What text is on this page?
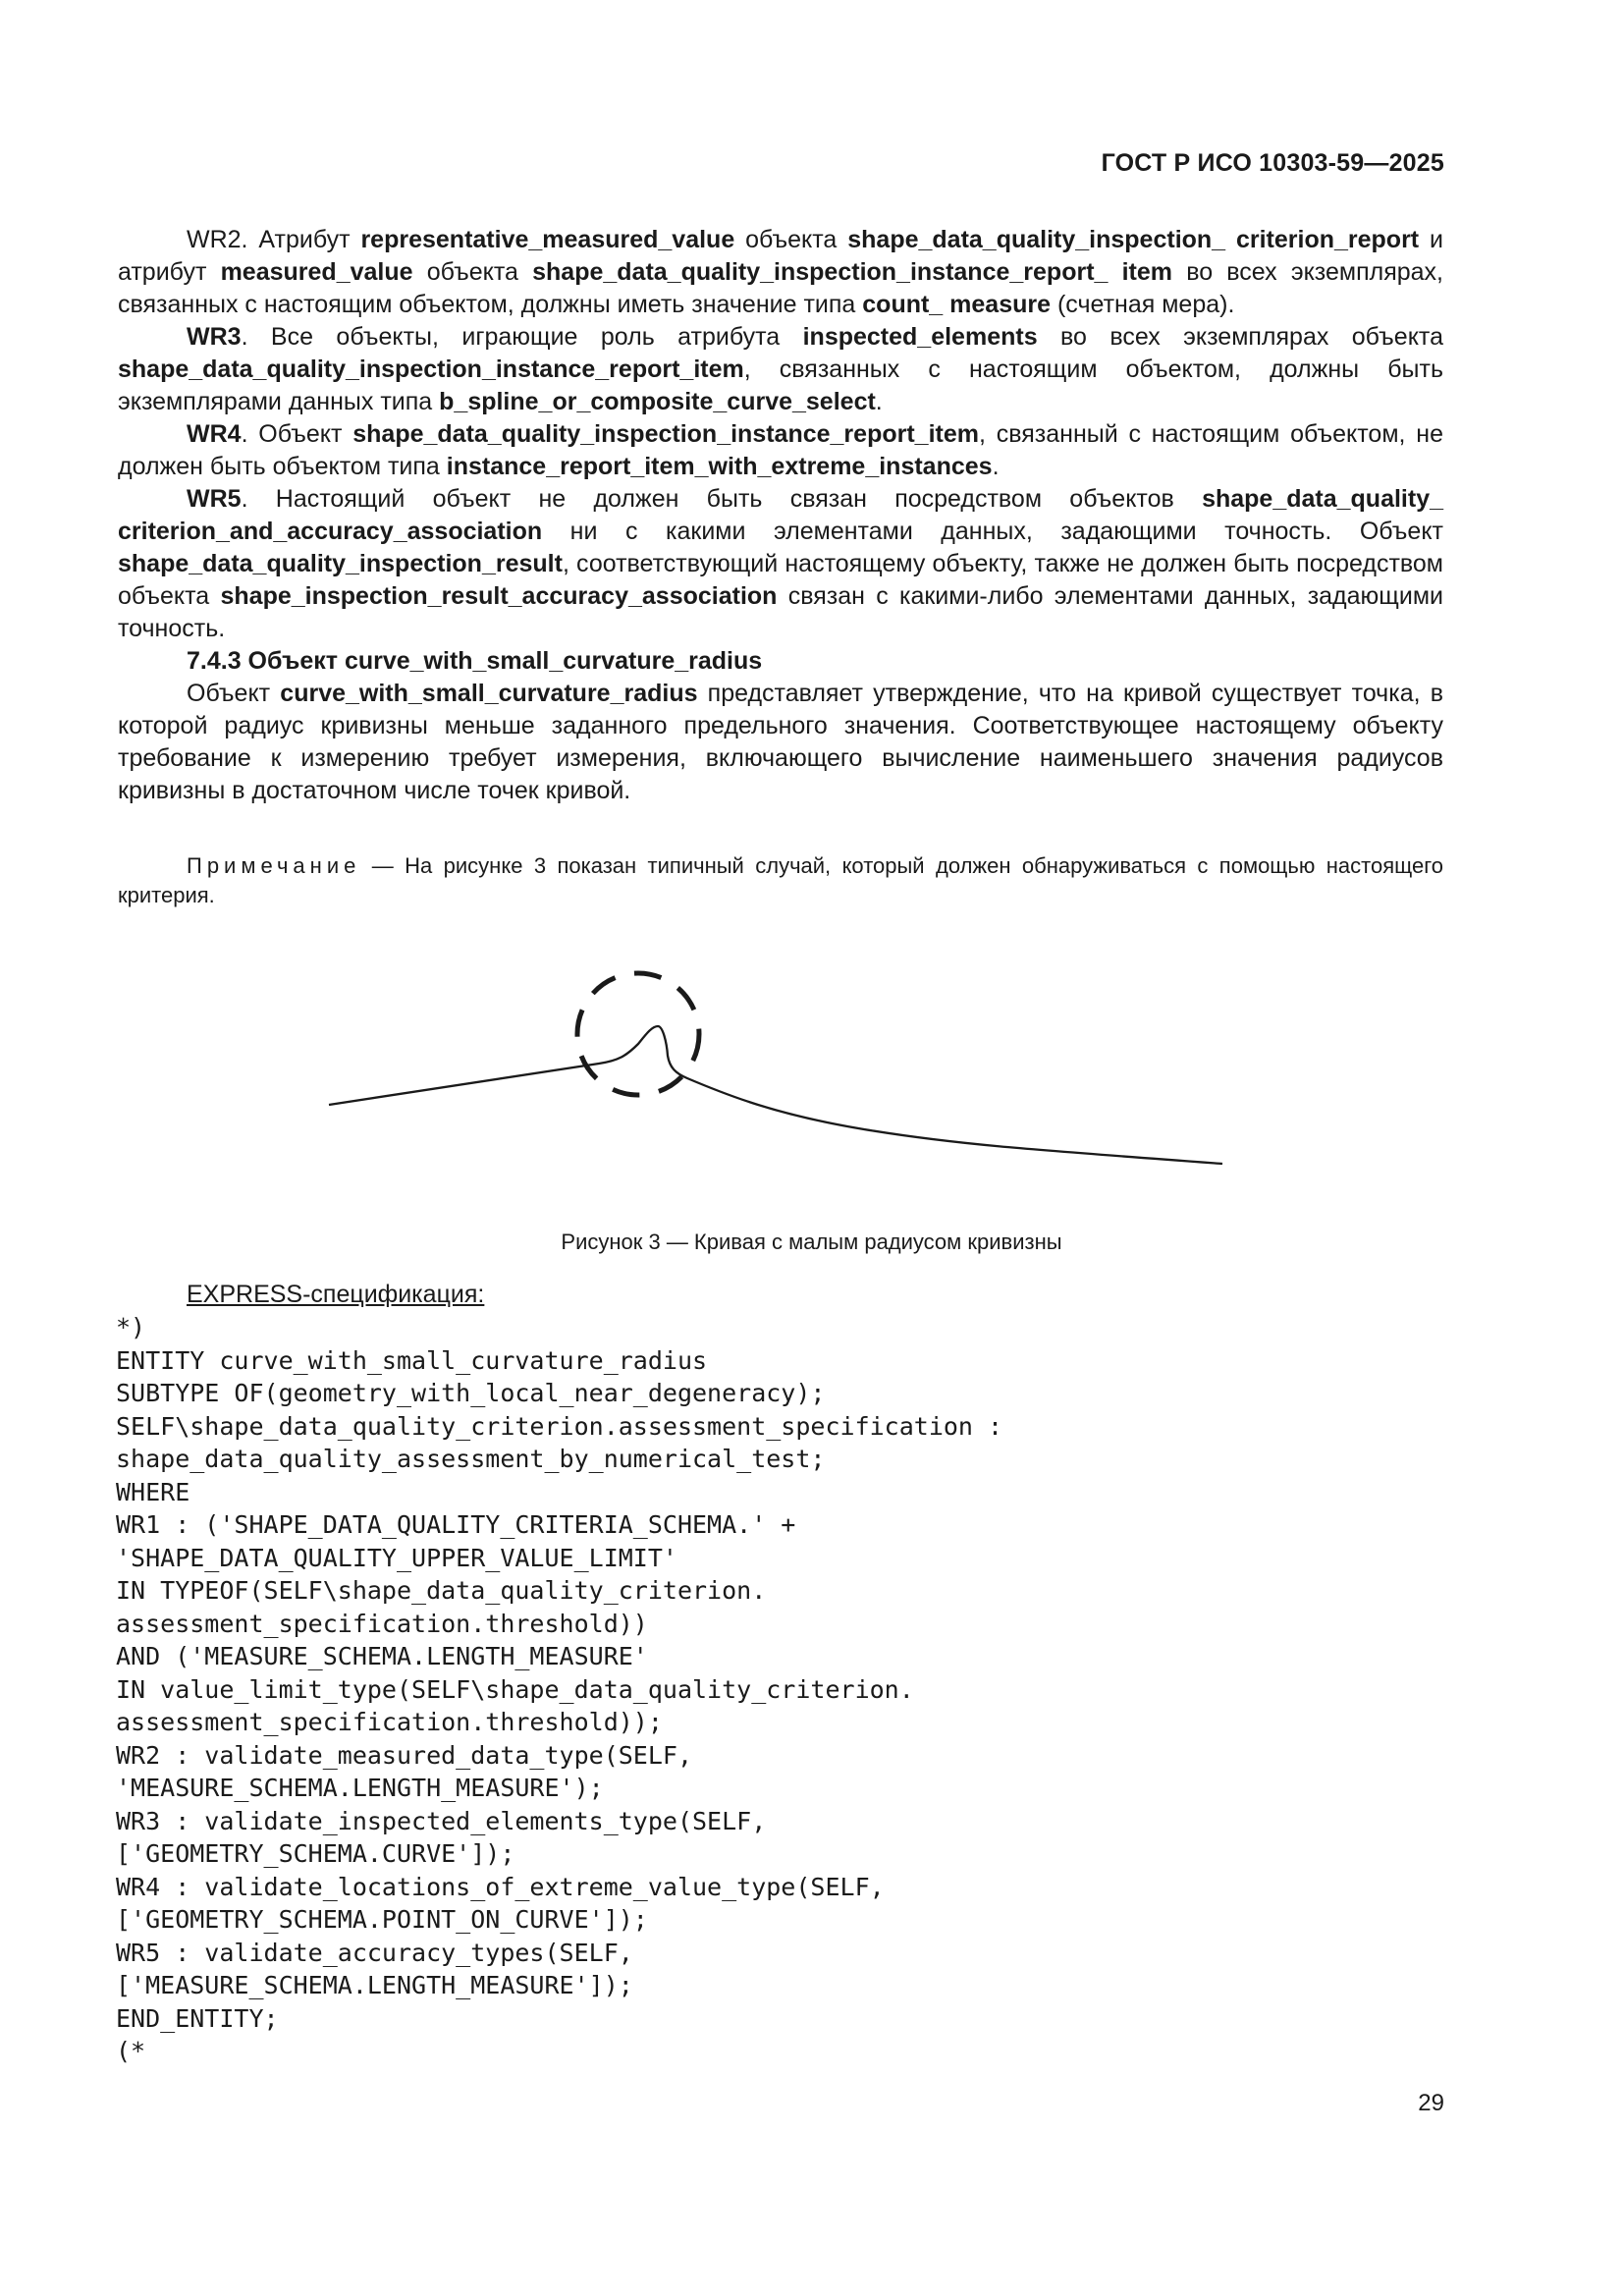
ГОСТ Р ИСО 10303-59—2025

WR2. Атрибут representative_measured_value объекта shape_data_quality_inspection_ criterion_report и атрибут measured_value объекта shape_data_quality_inspection_instance_report_ item во всех экземплярах, связанных с настоящим объектом, должны иметь значение типа count_ measure (счетная мера).

WR3. Все объекты, играющие роль атрибута inspected_elements во всех экземплярах объекта shape_data_quality_inspection_instance_report_item, связанных с настоящим объектом, должны быть экземплярами данных типа b_spline_or_composite_curve_select.

WR4. Объект shape_data_quality_inspection_instance_report_item, связанный с настоящим объектом, не должен быть объектом типа instance_report_item_with_extreme_instances.

WR5. Настоящий объект не должен быть связан посредством объектов shape_data_quality_ criterion_and_accuracy_association ни с какими элементами данных, задающими точность. Объект shape_data_quality_inspection_result, соответствующий настоящему объекту, также не должен быть посредством объекта shape_inspection_result_accuracy_association связан с какими-либо элементами данных, задающими точность.

7.4.3 Объект curve_with_small_curvature_radius

Объект curve_with_small_curvature_radius представляет утверждение, что на кривой существует точка, в которой радиус кривизны меньше заданного предельного значения. Соответствующее настоящему объекту требование к измерению требует измерения, включающего вычисление наименьшего значения радиусов кривизны в достаточном числе точек кривой.

Примечание — На рисунке 3 показан типичный случай, который должен обнаруживаться с помощью настоящего критерия.
Рисунок 3 — Кривая с малым радиусом кривизны
EXPRESS-спецификация:
*)
ENTITY curve_with_small_curvature_radius
SUBTYPE OF(geometry_with_local_near_degeneracy);
SELF\shape_data_quality_criterion.assessment_specification :
shape_data_quality_assessment_by_numerical_test;
WHERE
WR1 : ('SHAPE_DATA_QUALITY_CRITERIA_SCHEMA.' +
'SHAPE_DATA_QUALITY_UPPER_VALUE_LIMIT'
IN TYPEOF(SELF\shape_data_quality_criterion.
assessment_specification.threshold))
AND ('MEASURE_SCHEMA.LENGTH_MEASURE'
IN value_limit_type(SELF\shape_data_quality_criterion.
assessment_specification.threshold));
WR2 : validate_measured_data_type(SELF,
'MEASURE_SCHEMA.LENGTH_MEASURE');
WR3 : validate_inspected_elements_type(SELF,
['GEOMETRY_SCHEMA.CURVE']);
WR4 : validate_locations_of_extreme_value_type(SELF,
['GEOMETRY_SCHEMA.POINT_ON_CURVE']);
WR5 : validate_accuracy_types(SELF,
['MEASURE_SCHEMA.LENGTH_MEASURE']);
END_ENTITY;
(*
29
